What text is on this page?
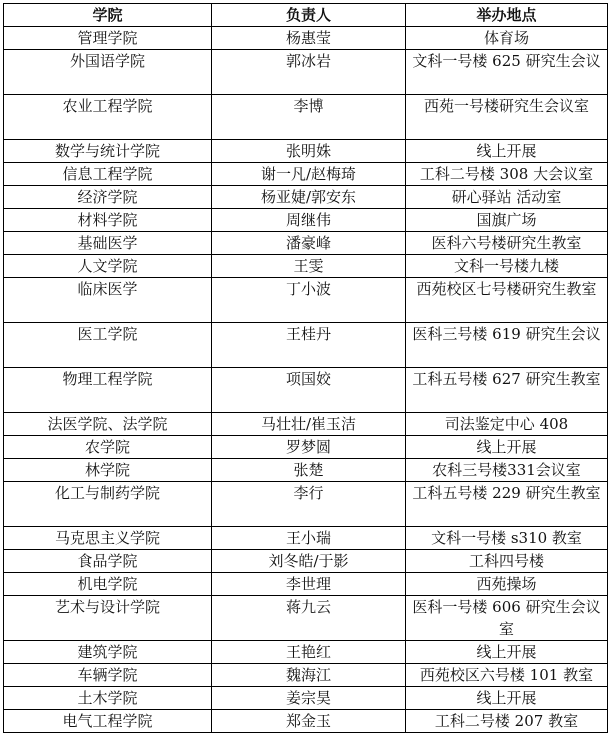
学院	负责人	举办地点
管理学院	杨惠莹	体育场
外国语学院	郭冰岩	文科一号楼 625 研究生会议
农业工程学院	李博	西苑一号楼研究生会议室
数学与统计学院	张明姝	线上开展
信息工程学院	谢一凡/赵梅琦	工科二号楼 308 大会议室
经济学院	杨亚婕/郭安东	研心驿站 活动室
材料学院	周继伟	国旗广场
基础医学	潘豪峰	医科六号楼研究生教室
人文学院	王雯	文科一号楼九楼
临床医学	丁小波	西苑校区七号楼研究生教室
医工学院	王桂丹	医科三号楼 619 研究生会议
物理工程学院	项国姣	工科五号楼 627 研究生教室
法医学院、法学院	马壮壮/崔玉洁	司法鉴定中心 408
农学院	罗梦圆	线上开展
林学院	张楚	农科三号楼331会议室
化工与制药学院	李行	工科五号楼 229 研究生教室
马克思主义学院	王小瑞	文科一号楼 s310 教室
食品学院	刘冬皓/于影	工科四号楼
机电学院	李世理	西苑操场
艺术与设计学院	蒋九云	医科一号楼 606 研究生会议室
建筑学院	王艳红	线上开展
车辆学院	魏海江	西苑校区六号楼 101 教室
土木学院	姜宗昊	线上开展
电气工程学院	郑金玉	工科二号楼 207 教室
